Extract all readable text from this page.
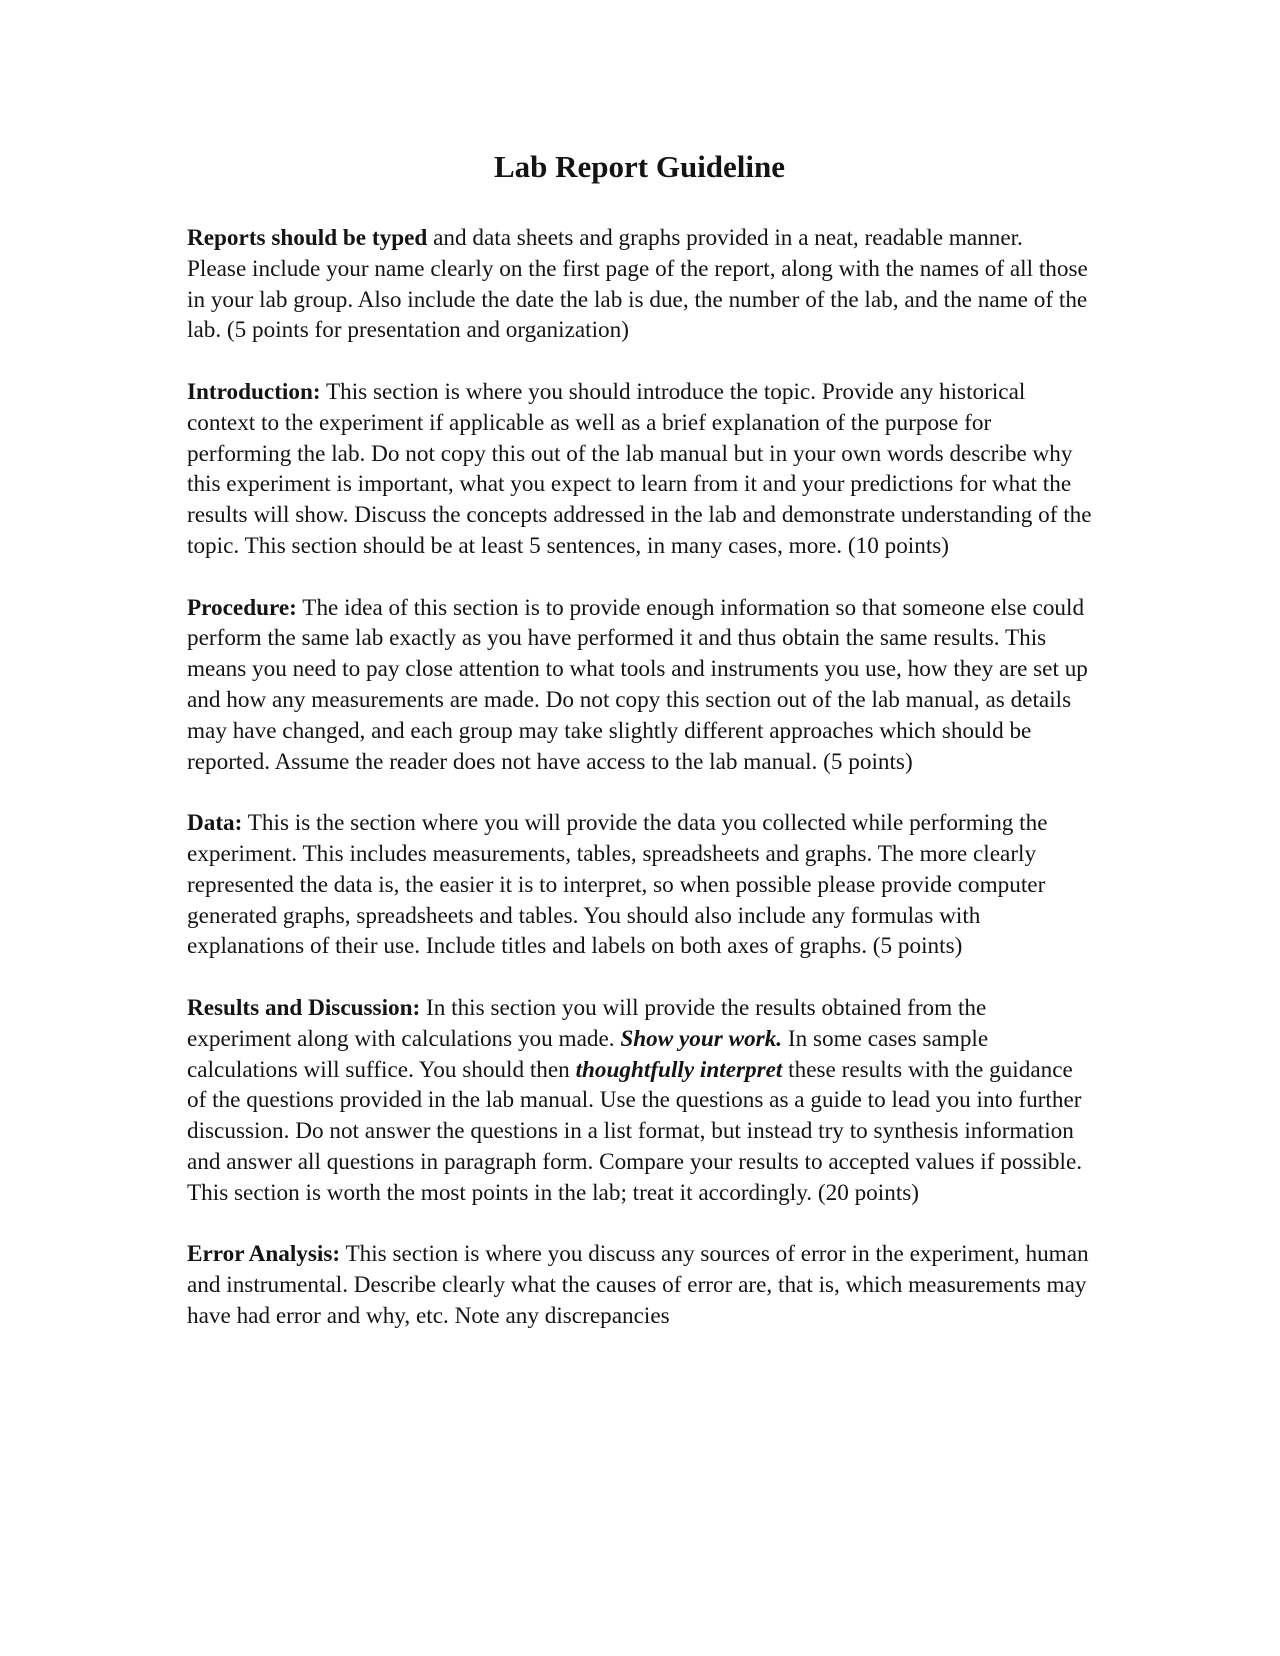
Lab Report Guideline

Reports should be typed and data sheets and graphs provided in a neat, readable manner.

Please include your name clearly on the first page of the report, along with the names of all those in your lab group. Also include the date the lab is due, the number of the lab, and the name of the lab. (5 points for presentation and organization)

Introduction: This section is where you should introduce the topic. Provide any historical context to the experiment if applicable as well as a brief explanation of the purpose for performing the lab. Do not copy this out of the lab manual but in your own words describe why this experiment is important, what you expect to learn from it and your predictions for what the results will show. Discuss the concepts addressed in the lab and demonstrate understanding of the topic. This section should be at least 5 sentences, in many cases, more. (10 points)

Procedure: The idea of this section is to provide enough information so that someone else could perform the same lab exactly as you have performed it and thus obtain the same results. This means you need to pay close attention to what tools and instruments you use, how they are set up and how any measurements are made. Do not copy this section out of the lab manual, as details may have changed, and each group may take slightly different approaches which should be reported. Assume the reader does not have access to the lab manual. (5 points)

Data: This is the section where you will provide the data you collected while performing the experiment. This includes measurements, tables, spreadsheets and graphs. The more clearly represented the data is, the easier it is to interpret, so when possible please provide computer generated graphs, spreadsheets and tables. You should also include any formulas with explanations of their use. Include titles and labels on both axes of graphs. (5 points)

Results and Discussion: In this section you will provide the results obtained from the experiment along with calculations you made. Show your work. In some cases sample calculations will suffice. You should then thoughtfully interpret these results with the guidance of the questions provided in the lab manual. Use the questions as a guide to lead you into further discussion. Do not answer the questions in a list format, but instead try to synthesis information and answer all questions in paragraph form. Compare your results to accepted values if possible. This section is worth the most points in the lab; treat it accordingly. (20 points)

Error Analysis: This section is where you discuss any sources of error in the experiment, human and instrumental. Describe clearly what the causes of error are, that is, which measurements may have had error and why, etc. Note any discrepancies
